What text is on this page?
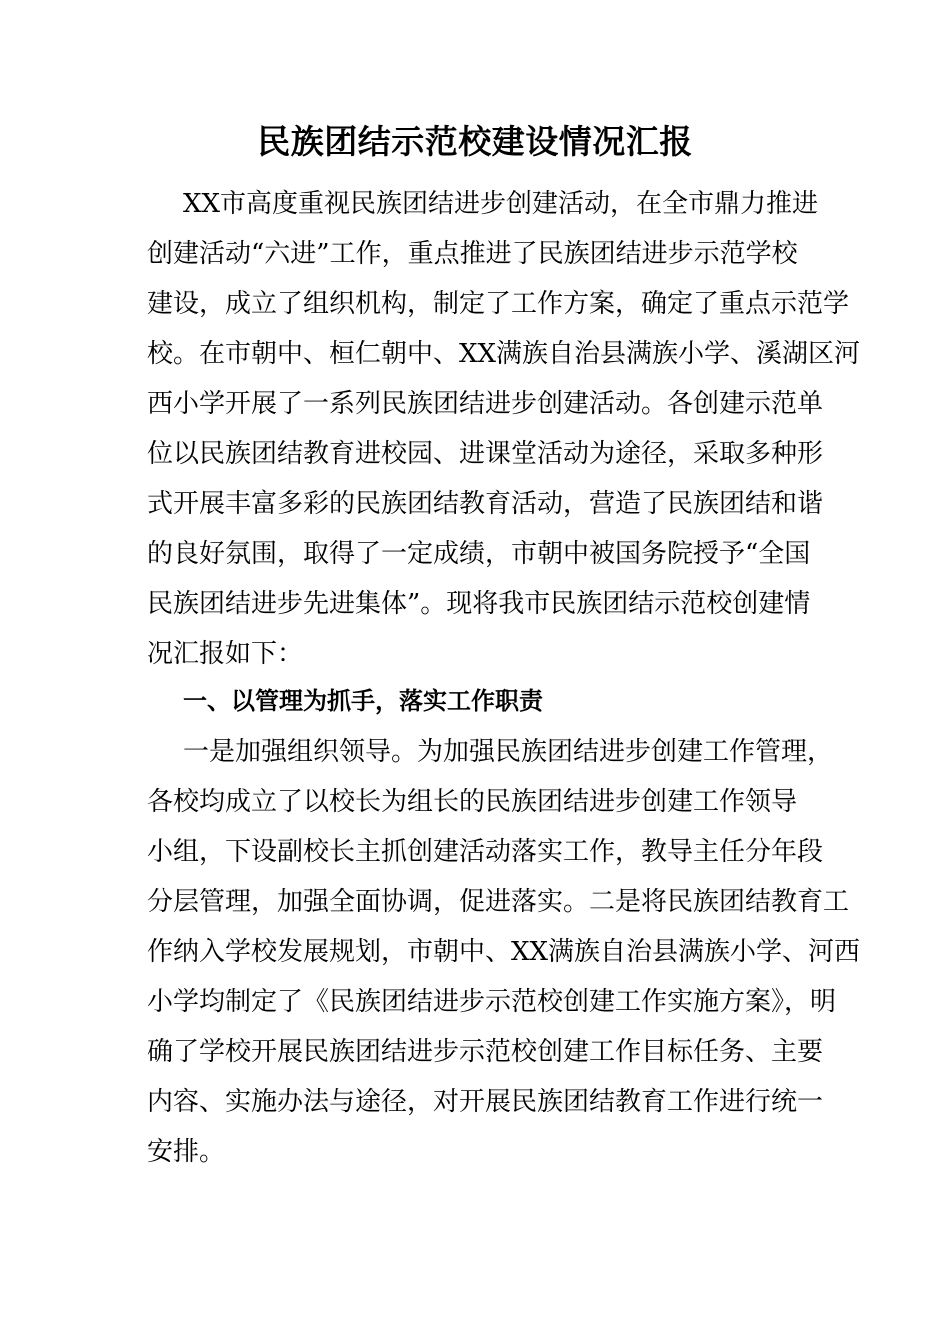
民族团结示范校建设情况汇报

XX市高度重视民族团结进步创建活动，在全市鼎力推进

创建活动“六进”工作，重点推进了民族团结进步示范学校

建设，成立了组织机构，制定了工作方案，确定了重点示范学

校。在市朝中、桓仁朝中、XX满族自治县满族小学、溪湖区河

西小学开展了一系列民族团结进步创建活动。各创建示范单

位以民族团结教育进校园、进课堂活动为途径，采取多种形

式开展丰富多彩的民族团结教育活动，营造了民族团结和谐

的良好氛围，取得了一定成绩，市朝中被国务院授予“全国

民族团结进步先进集体”。现将我市民族团结示范校创建情

况汇报如下：

一、以管理为抓手，落实工作职责

一是加强组织领导。为加强民族团结进步创建工作管理，

各校均成立了以校长为组长的民族团结进步创建工作领导

小组，下设副校长主抓创建活动落实工作，教导主任分年段

分层管理，加强全面协调，促进落实。二是将民族团结教育工

作纳入学校发展规划，市朝中、XX满族自治县满族小学、河西

小学均制定了《民族团结进步示范校创建工作实施方案》，明

确了学校开展民族团结进步示范校创建工作目标任务、主要

内容、实施办法与途径，对开展民族团结教育工作进行统一

安排。
